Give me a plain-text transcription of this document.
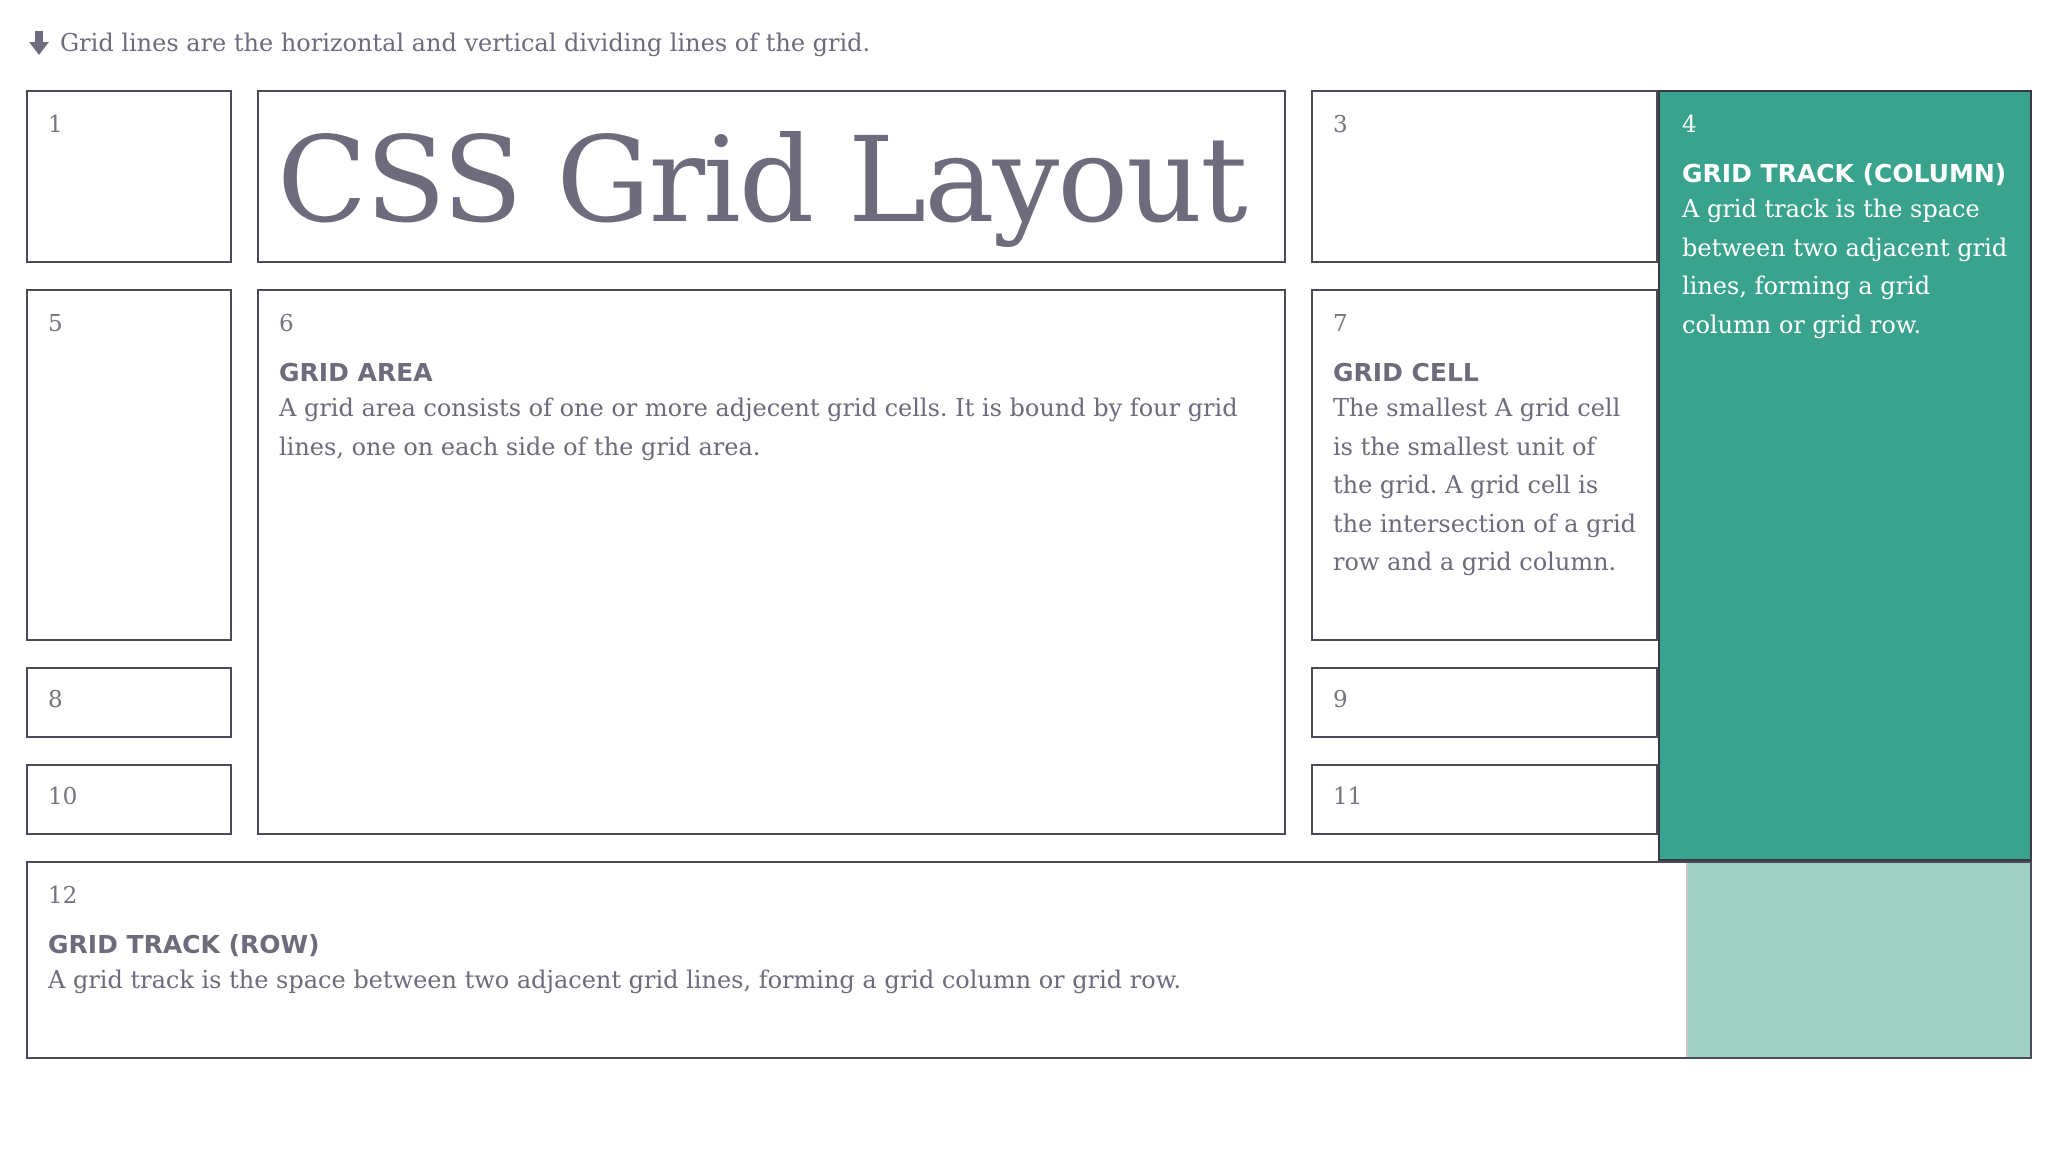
Grid lines are the horizontal and vertical dividing lines of the grid.
1	CSS Grid Layout	3	4
GRID TRACK (COLUMN)
A grid track is the space between two adjacent grid lines, forming a grid column or grid row.
5	6
GRID AREA
A grid area consists of one or more adjecent grid cells. It is bound by four grid lines, one on each side of the grid area.
7
GRID CELL
The smallest A grid cell is the smallest unit of the grid. A grid cell is the intersection of a grid row and a grid column.
8	9
10	11
12
GRID TRACK (ROW)
A grid track is the space between two adjacent grid lines, forming a grid column or grid row.
